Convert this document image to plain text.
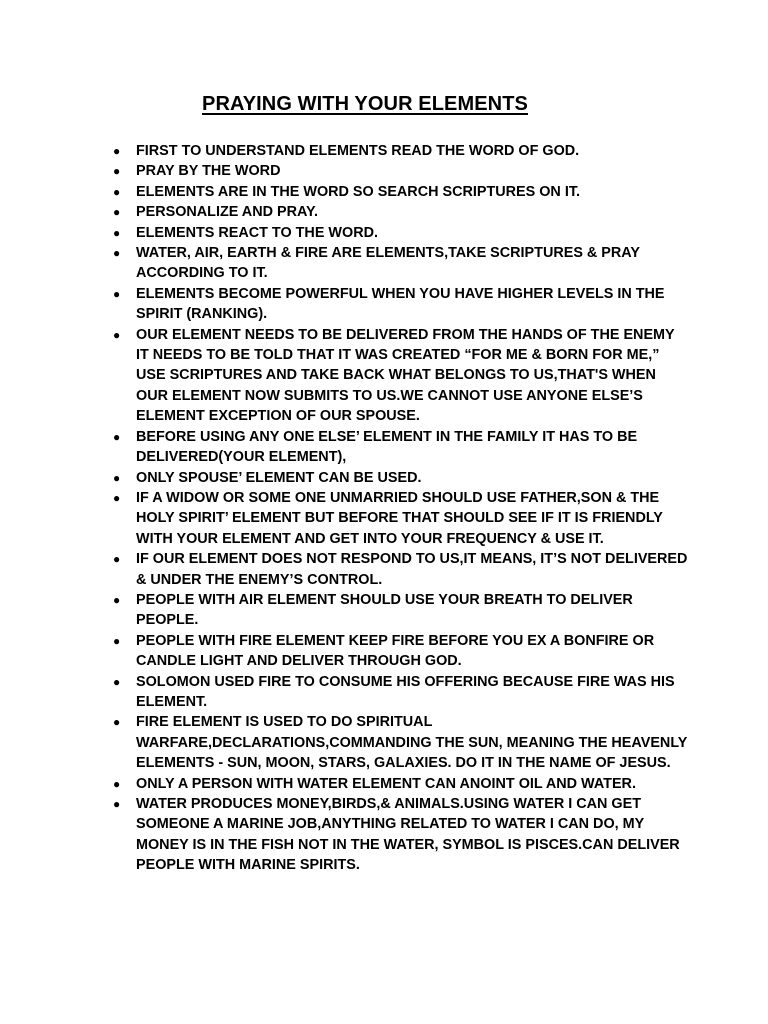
PRAYING WITH YOUR ELEMENTS
● FIRST TO UNDERSTAND ELEMENTS READ THE WORD OF GOD.
● PRAY BY THE WORD
● ELEMENTS ARE IN THE WORD SO SEARCH SCRIPTURES ON IT.
● PERSONALIZE AND PRAY.
● ELEMENTS REACT TO THE WORD.
● WATER, AIR, EARTH & FIRE ARE ELEMENTS,TAKE SCRIPTURES & PRAY ACCORDING TO IT.
● ELEMENTS BECOME POWERFUL WHEN YOU HAVE HIGHER LEVELS IN THE SPIRIT (RANKING).
● OUR ELEMENT NEEDS TO BE DELIVERED FROM THE HANDS OF THE ENEMY IT NEEDS TO BE TOLD THAT IT WAS CREATED “FOR ME & BORN FOR ME,” USE SCRIPTURES AND TAKE BACK WHAT BELONGS TO US,THAT'S WHEN OUR ELEMENT NOW SUBMITS TO US.WE CANNOT USE ANYONE ELSE’S ELEMENT EXCEPTION OF OUR SPOUSE.
● BEFORE USING ANY ONE ELSE’ ELEMENT IN THE FAMILY IT HAS TO BE DELIVERED(YOUR ELEMENT),
● ONLY SPOUSE’ ELEMENT CAN BE USED.
● IF A WIDOW OR SOME ONE UNMARRIED SHOULD USE FATHER,SON & THE HOLY SPIRIT’ ELEMENT BUT BEFORE THAT SHOULD SEE IF IT IS FRIENDLY WITH YOUR ELEMENT AND GET INTO YOUR FREQUENCY & USE IT.
● IF OUR ELEMENT DOES NOT RESPOND TO US,IT MEANS, IT’S NOT DELIVERED & UNDER THE ENEMY’S CONTROL.
● PEOPLE WITH AIR ELEMENT SHOULD USE YOUR BREATH TO DELIVER PEOPLE.
● PEOPLE WITH FIRE ELEMENT KEEP FIRE BEFORE YOU EX A BONFIRE OR CANDLE LIGHT AND DELIVER THROUGH GOD.
● SOLOMON USED FIRE TO CONSUME HIS OFFERING BECAUSE FIRE WAS HIS ELEMENT.
● FIRE ELEMENT IS USED TO DO SPIRITUAL WARFARE,DECLARATIONS,COMMANDING THE SUN, MEANING THE HEAVENLY ELEMENTS - SUN, MOON, STARS, GALAXIES. DO IT IN THE NAME OF JESUS.
● ONLY A PERSON WITH WATER ELEMENT CAN ANOINT OIL AND WATER.
● WATER PRODUCES MONEY,BIRDS,& ANIMALS.USING WATER I CAN GET SOMEONE A MARINE JOB,ANYTHING RELATED TO WATER I CAN DO, MY MONEY IS IN THE FISH NOT IN THE WATER, SYMBOL IS PISCES.CAN DELIVER PEOPLE WITH MARINE SPIRITS.
